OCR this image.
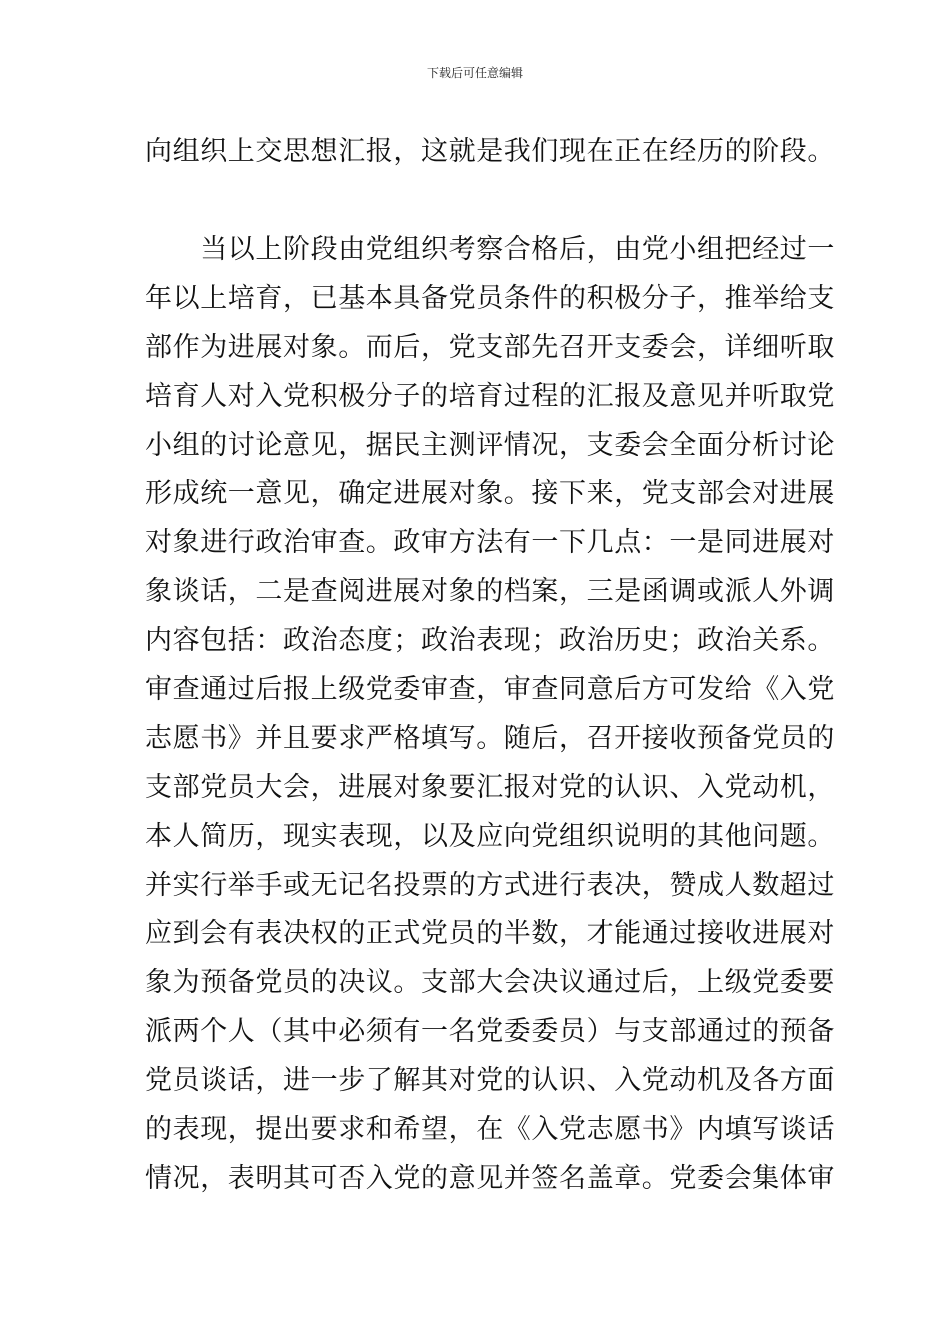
下载后可任意编辑
向组织上交思想汇报，这就是我们现在正在经历的阶段。
　　当以上阶段由党组织考察合格后，由党小组把经过一
年以上培育，已基本具备党员条件的积极分子，推举给支
部作为进展对象。而后，党支部先召开支委会，详细听取
培育人对入党积极分子的培育过程的汇报及意见并听取党
小组的讨论意见，据民主测评情况，支委会全面分析讨论
形成统一意见，确定进展对象。接下来，党支部会对进展
对象进行政治审查。政审方法有一下几点：一是同进展对
象谈话，二是查阅进展对象的档案，三是函调或派人外调
内容包括：政治态度；政治表现；政治历史；政治关系。
审查通过后报上级党委审查，审查同意后方可发给《入党
志愿书》并且要求严格填写。随后，召开接收预备党员的
支部党员大会，进展对象要汇报对党的认识、入党动机，
本人简历，现实表现，以及应向党组织说明的其他问题。
并实行举手或无记名投票的方式进行表决，赞成人数超过
应到会有表决权的正式党员的半数，才能通过接收进展对
象为预备党员的决议。支部大会决议通过后，上级党委要
派两个人（其中必须有一名党委委员）与支部通过的预备
党员谈话，进一步了解其对党的认识、入党动机及各方面
的表现，提出要求和希望，在《入党志愿书》内填写谈话
情况，表明其可否入党的意见并签名盖章。党委会集体审
